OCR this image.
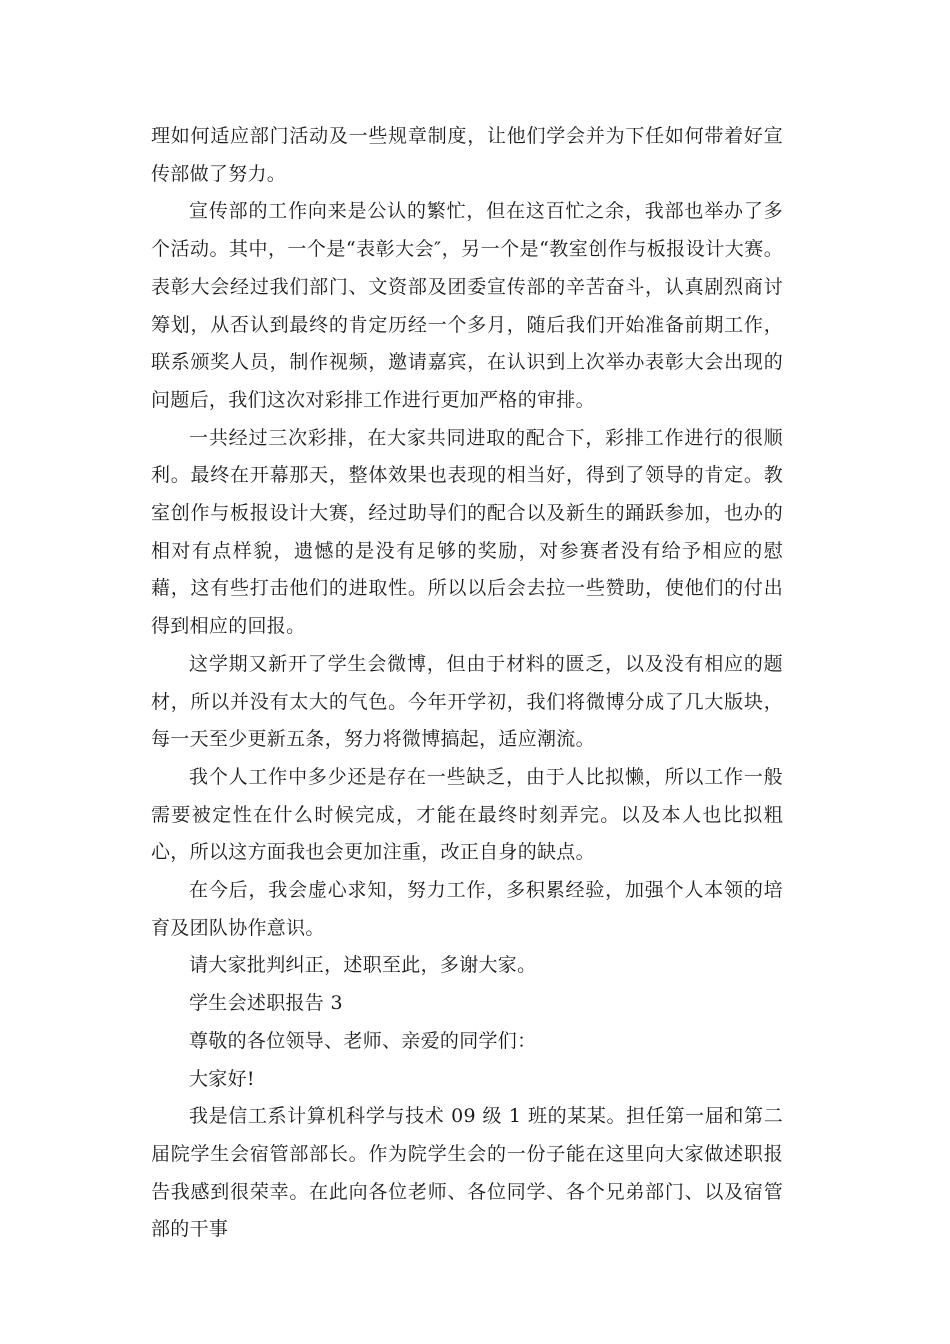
理如何适应部门活动及一些规章制度，让他们学会并为下任如何带着好宣传部做了努力。

宣传部的工作向来是公认的繁忙，但在这百忙之余，我部也举办了多个活动。其中，一个是“表彰大会″，另一个是“教室创作与板报设计大赛。表彰大会经过我们部门、文资部及团委宣传部的辛苦奋斗，认真剧烈商讨筹划，从否认到最终的肯定历经一个多月，随后我们开始准备前期工作，联系颁奖人员，制作视频，邀请嘉宾，在认识到上次举办表彰大会出现的问题后，我们这次对彩排工作进行更加严格的审排。

一共经过三次彩排，在大家共同进取的配合下，彩排工作进行的很顺利。最终在开幕那天，整体效果也表现的相当好，得到了领导的肯定。教室创作与板报设计大赛，经过助导们的配合以及新生的踊跃参加，也办的相对有点样貌，遗憾的是没有足够的奖励，对参赛者没有给予相应的慰藉，这有些打击他们的进取性。所以以后会去拉一些赞助，使他们的付出得到相应的回报。

这学期又新开了学生会微博，但由于材料的匮乏，以及没有相应的题材，所以并没有太大的气色。今年开学初，我们将微博分成了几大版块，每一天至少更新五条，努力将微博搞起，适应潮流。

我个人工作中多少还是存在一些缺乏，由于人比拟懒，所以工作一般需要被定性在什么时候完成，才能在最终时刻弄完。以及本人也比拟粗心，所以这方面我也会更加注重，改正自身的缺点。

在今后，我会虚心求知，努力工作，多积累经验，加强个人本领的培育及团队协作意识。

请大家批判纠正，述职至此，多谢大家。

学生会述职报告 3

尊敬的各位领导、老师、亲爱的同学们：

大家好!

我是信工系计算机科学与技术 09 级 1 班的某某。担任第一届和第二届院学生会宿管部部长。作为院学生会的一份子能在这里向大家做述职报告我感到很荣幸。在此向各位老师、各位同学、各个兄弟部门、以及宿管部的干事
